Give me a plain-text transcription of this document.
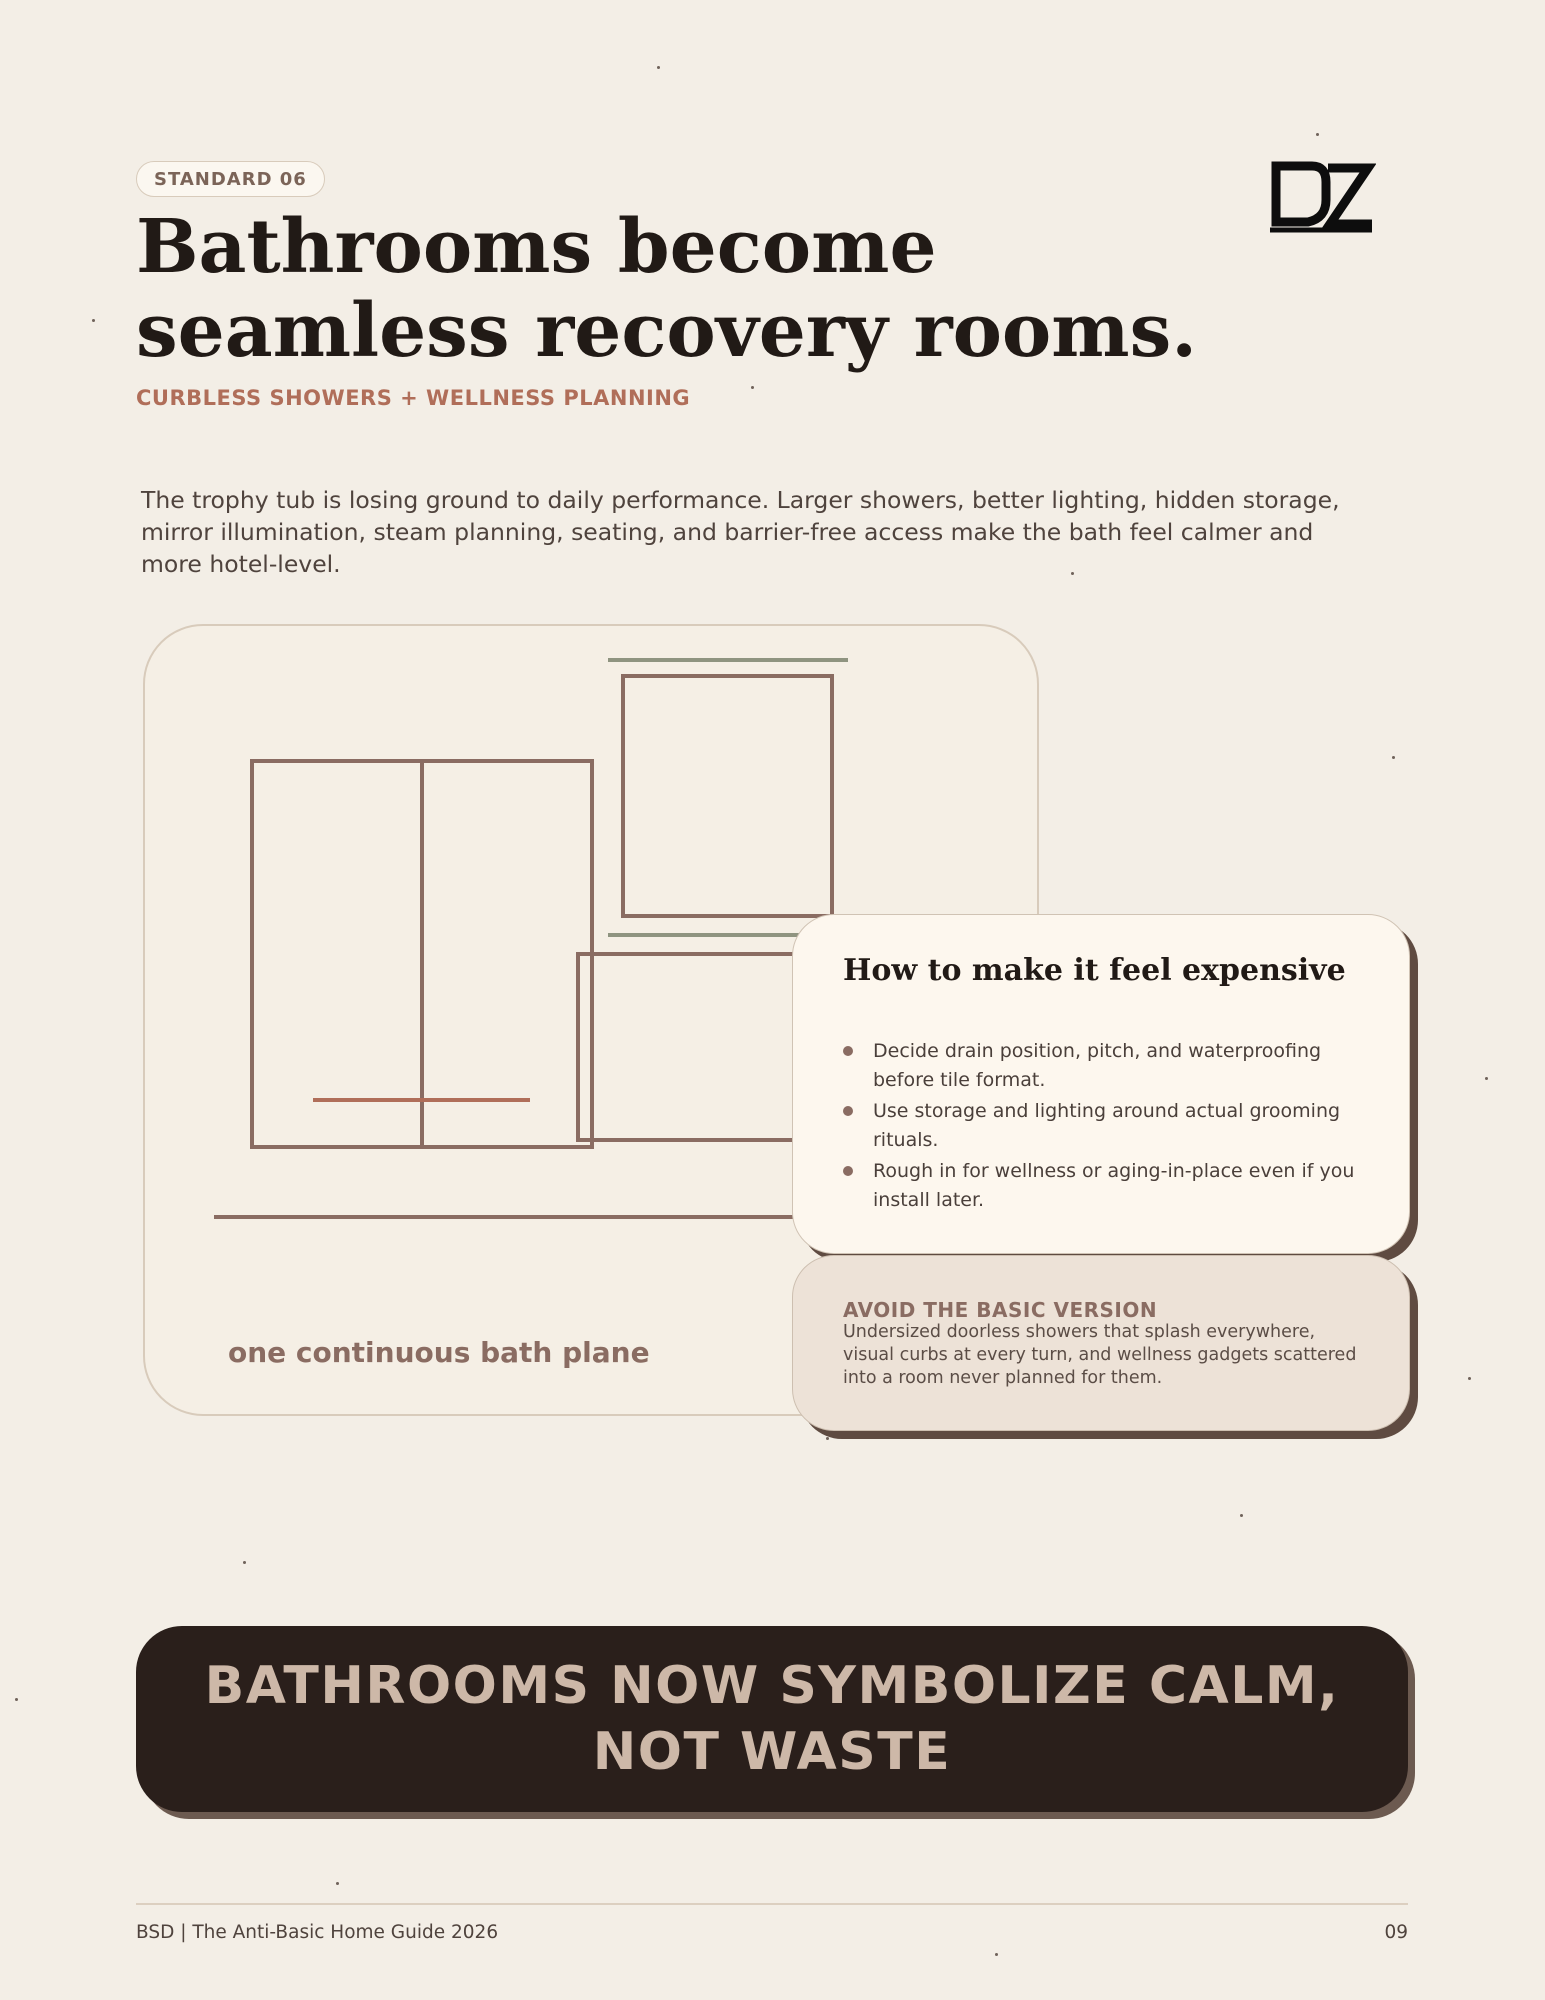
STANDARD 06
Bathrooms become seamless recovery rooms.

CURBLESS SHOWERS + WELLNESS PLANNING

The trophy tub is losing ground to daily performance. Larger showers, better lighting, hidden storage, mirror illumination, steam planning, seating, and barrier-free access make the bath feel calmer and more hotel-level.

one continuous bath plane

How to make it feel expensive
Decide drain position, pitch, and waterproofing before tile format.
Use storage and lighting around actual grooming rituals.
Rough in for wellness or aging-in-place even if you install later.
AVOID THE BASIC VERSION

Undersized doorless showers that splash everywhere, visual curbs at every turn, and wellness gadgets scattered into a room never planned for them.

BATHROOMS NOW SYMBOLIZE CALM, NOT WASTE

BSD | The Anti-Basic Home Guide 2026	09
